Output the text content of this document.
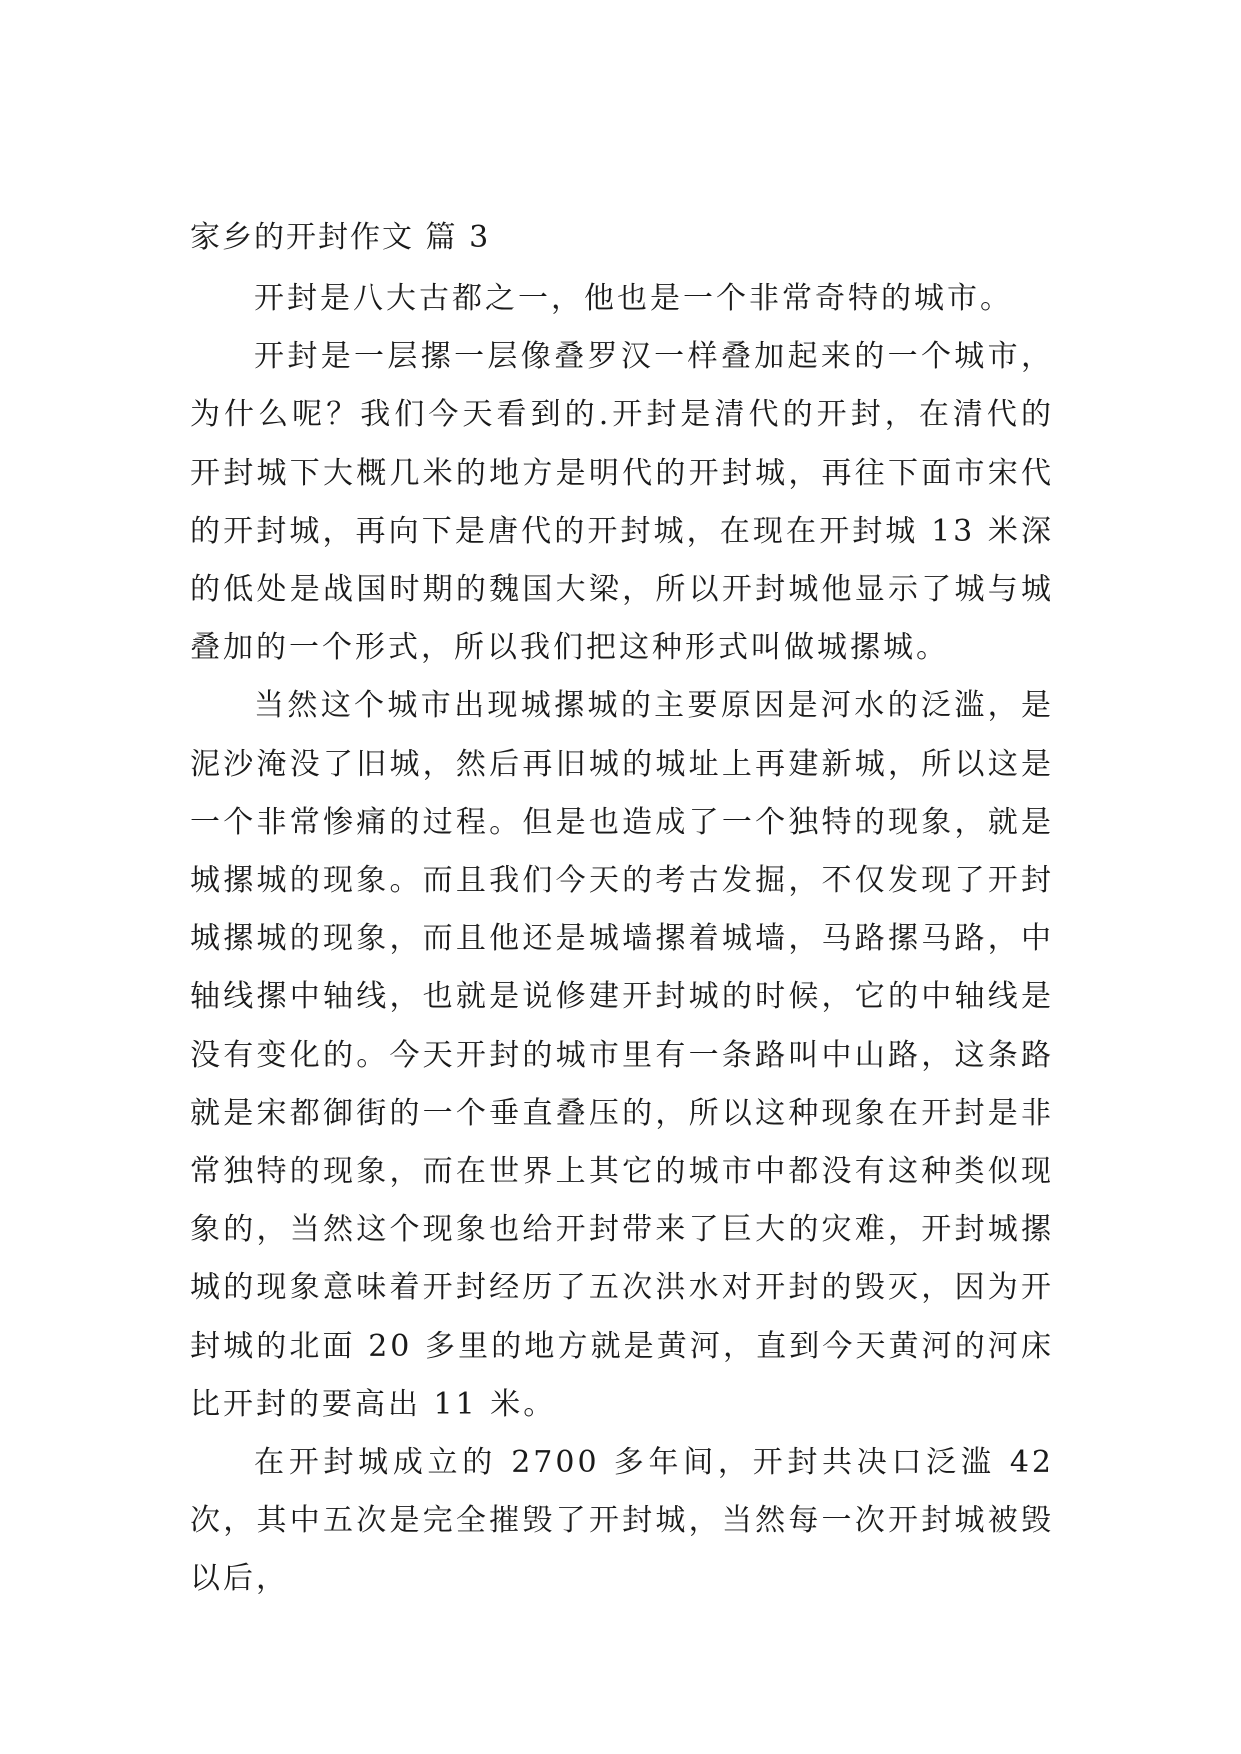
家乡的开封作文 篇 3

开封是八大古都之一，他也是一个非常奇特的城市。

开封是一层摞一层像叠罗汉一样叠加起来的一个城市，为什么呢？我们今天看到的.开封是清代的开封，在清代的开封城下大概几米的地方是明代的开封城，再往下面市宋代的开封城，再向下是唐代的开封城，在现在开封城 13 米深的低处是战国时期的魏国大梁，所以开封城他显示了城与城叠加的一个形式，所以我们把这种形式叫做城摞城。

当然这个城市出现城摞城的主要原因是河水的泛滥，是泥沙淹没了旧城，然后再旧城的城址上再建新城，所以这是一个非常惨痛的过程。但是也造成了一个独特的现象，就是城摞城的现象。而且我们今天的考古发掘，不仅发现了开封城摞城的现象，而且他还是城墙摞着城墙，马路摞马路，中轴线摞中轴线，也就是说修建开封城的时候，它的中轴线是没有变化的。今天开封的城市里有一条路叫中山路，这条路就是宋都御街的一个垂直叠压的，所以这种现象在开封是非常独特的现象，而在世界上其它的城市中都没有这种类似现象的，当然这个现象也给开封带来了巨大的灾难，开封城摞城的现象意味着开封经历了五次洪水对开封的毁灭，因为开封城的北面 20 多里的地方就是黄河，直到今天黄河的河床比开封的要高出 11 米。

在开封城成立的 2700 多年间，开封共决口泛滥 42 次，其中五次是完全摧毁了开封城，当然每一次开封城被毁以后，
